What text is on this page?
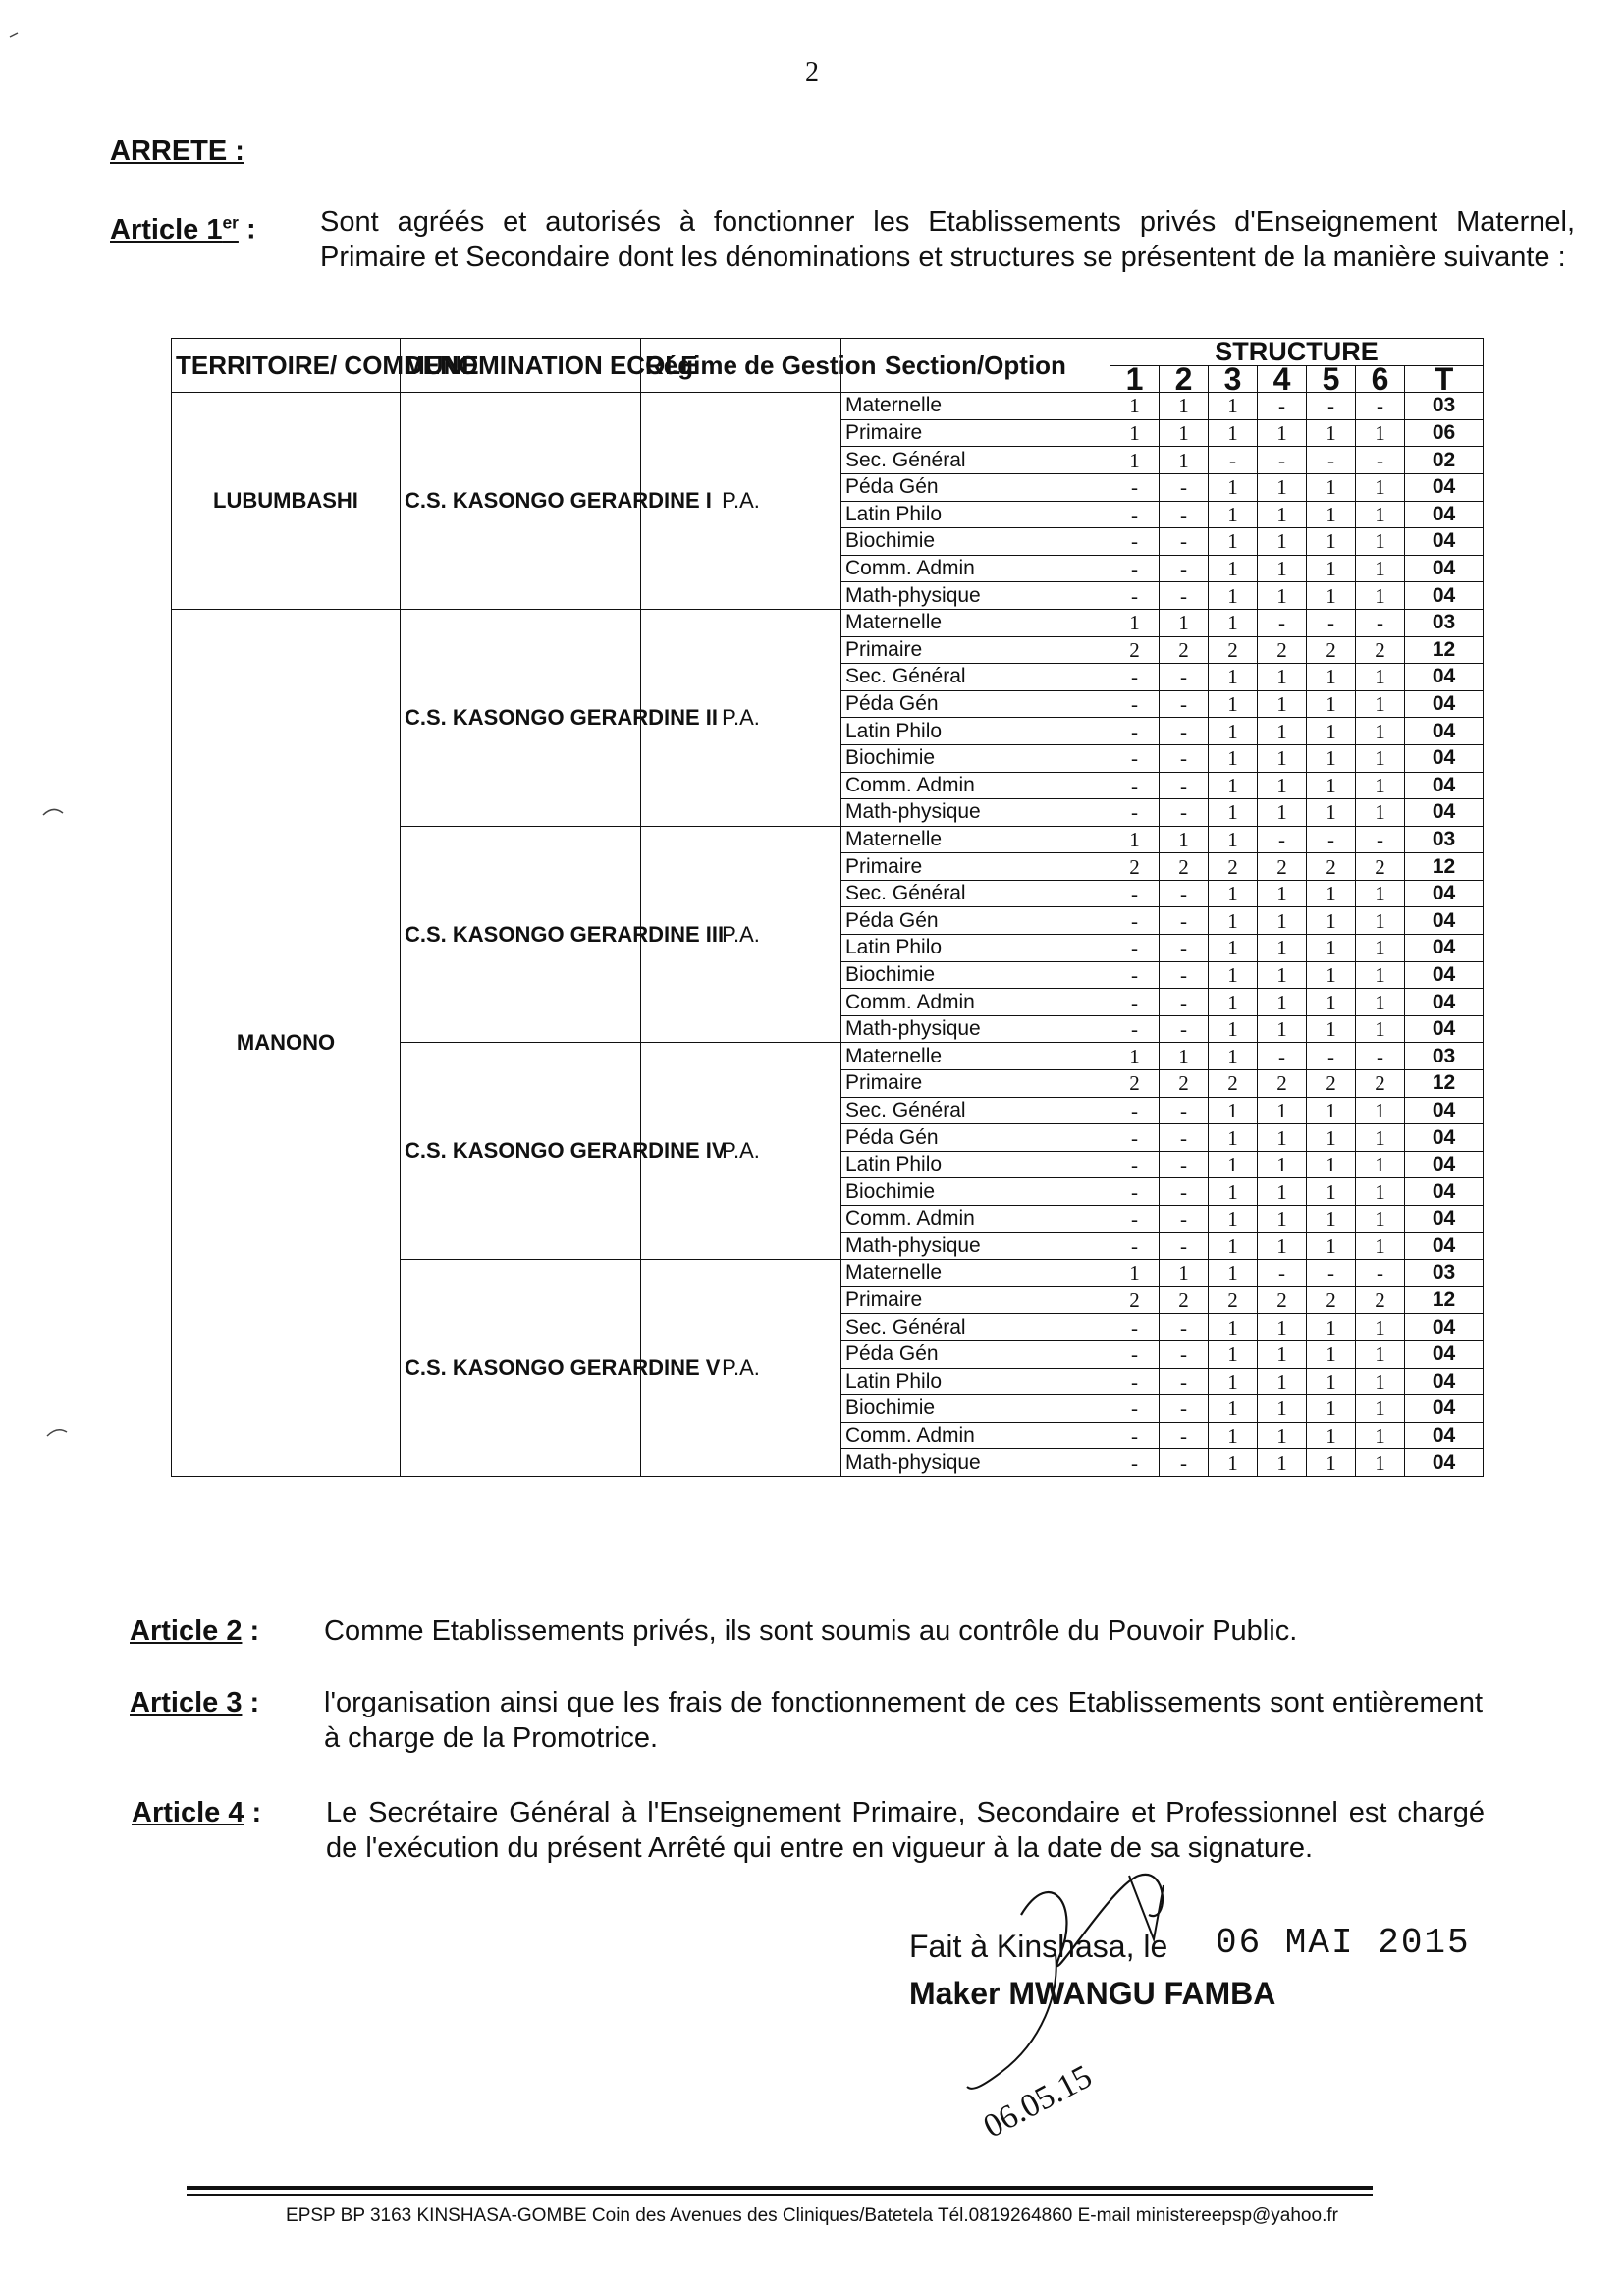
2
ARRETE :
Article 1er : Sont agréés et autorisés à fonctionner les Etablissements privés d'Enseignement Maternel, Primaire et Secondaire dont les dénominations et structures se présentent de la manière suivante :
TERRITOIRE/ COMMUNE	DENOMINATION ECOLE	Régime de Gestion	Section/Option	STRUCTURE						
				1	2	3	4	5	6	T
LUBUMBASHI	C.S. KASONGO GERARDINE I	P.A.	Maternelle	1	1	1	-	-	-	03
			Primaire	1	1	1	1	1	1	06
			Sec. Général	1	1	-	-	-	-	02
			Péda Gén	-	-	1	1	1	1	04
			Latin Philo	-	-	1	1	1	1	04
			Biochimie	-	-	1	1	1	1	04
			Comm. Admin	-	-	1	1	1	1	04
			Math-physique	-	-	1	1	1	1	04
MANONO	C.S. KASONGO GERARDINE II	P.A.	Maternelle	1	1	1	-	-	-	03
			Primaire	2	2	2	2	2	2	12
			Sec. Général	-	-	1	1	1	1	04
			Péda Gén	-	-	1	1	1	1	04
			Latin Philo	-	-	1	1	1	1	04
			Biochimie	-	-	1	1	1	1	04
			Comm. Admin	-	-	1	1	1	1	04
			Math-physique	-	-	1	1	1	1	04
	C.S. KASONGO GERARDINE III	P.A.	Maternelle	1	1	1	-	-	-	03
			Primaire	2	2	2	2	2	2	12
			Sec. Général	-	-	1	1	1	1	04
			Péda Gén	-	-	1	1	1	1	04
			Latin Philo	-	-	1	1	1	1	04
			Biochimie	-	-	1	1	1	1	04
			Comm. Admin	-	-	1	1	1	1	04
			Math-physique	-	-	1	1	1	1	04
	C.S. KASONGO GERARDINE IV	P.A.	Maternelle	1	1	1	-	-	-	03
			Primaire	2	2	2	2	2	2	12
			Sec. Général	-	-	1	1	1	1	04
			Péda Gén	-	-	1	1	1	1	04
			Latin Philo	-	-	1	1	1	1	04
			Biochimie	-	-	1	1	1	1	04
			Comm. Admin	-	-	1	1	1	1	04
			Math-physique	-	-	1	1	1	1	04
	C.S. KASONGO GERARDINE V	P.A.	Maternelle	1	1	1	-	-	-	03
			Primaire	2	2	2	2	2	2	12
			Sec. Général	-	-	1	1	1	1	04
			Péda Gén	-	-	1	1	1	1	04
			Latin Philo	-	-	1	1	1	1	04
			Biochimie	-	-	1	1	1	1	04
			Comm. Admin	-	-	1	1	1	1	04
			Math-physique	-	-	1	1	1	1	04
Article 2 : Comme Etablissements privés, ils sont soumis au contrôle du Pouvoir Public.
Article 3 : l'organisation ainsi que les frais de fonctionnement de ces Etablissements sont entièrement à charge de la Promotrice.
Article 4 : Le Secrétaire Général à l'Enseignement Primaire, Secondaire et Professionnel est chargé de l'exécution du présent Arrêté qui entre en vigueur à la date de sa signature.
Fait à Kinshasa, le
Maker MWANGU FAMBA
06 MAI 2015
06.05.15
EPSP BP 3163 KINSHASA-GOMBE Coin des Avenues des Cliniques/Batetela Tél.0819264860 E-mail ministereepsp@yahoo.fr
